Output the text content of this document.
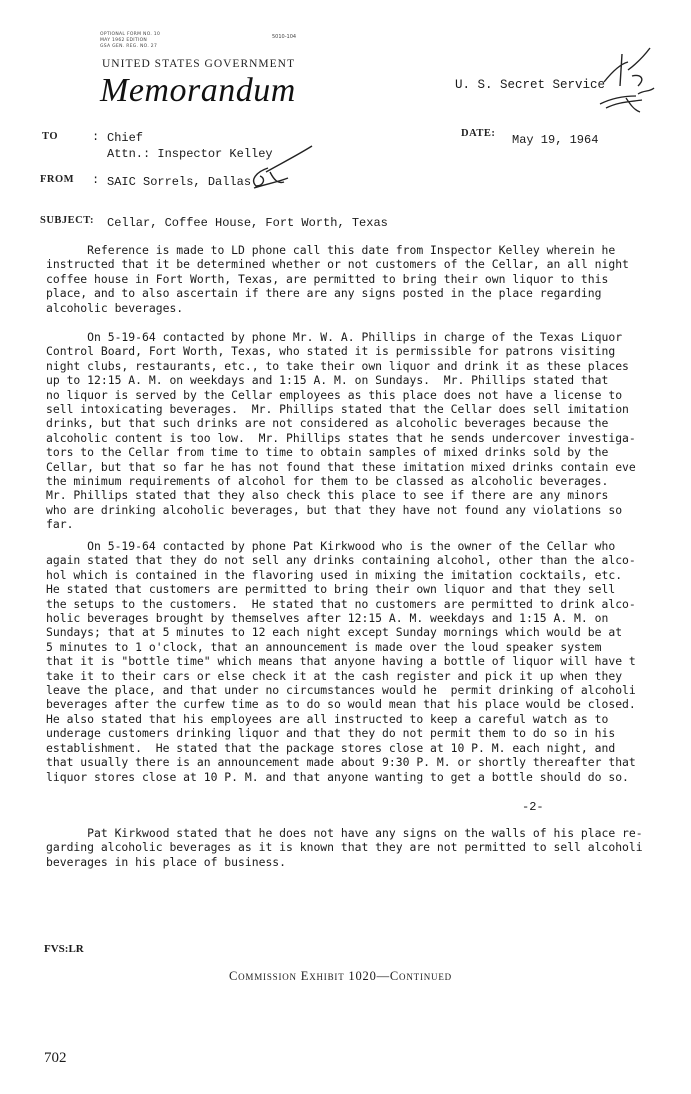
OPTIONAL FORM NO. 10
MAY 1962 EDITION
GSA GEN. REG. NO. 27
5010-104
UNITED STATES GOVERNMENT
Memorandum	U. S. Secret Service
TO	: Chief
Attn.: Inspector Kelley
DATE: May 19, 1964
FROM : SAIC Sorrels, Dallas
SUBJECT: Cellar, Coffee House, Fort Worth, Texas
Reference is made to LD phone call this date from Inspector Kelley wherein he
instructed that it be determined whether or not customers of the Cellar, an all night
coffee house in Fort Worth, Texas, are permitted to bring their own liquor to this
place, and to also ascertain if there are any signs posted in the place regarding
alcoholic beverages.
On 5-19-64 contacted by phone Mr. W. A. Phillips in charge of the Texas Liquor
Control Board, Fort Worth, Texas, who stated it is permissible for patrons visiting
night clubs, restaurants, etc., to take their own liquor and drink it as these places
up to 12:15 A. M. on weekdays and 1:15 A. M. on Sundays.  Mr. Phillips stated that
no liquor is served by the Cellar employees as this place does not have a license to
sell intoxicating beverages.  Mr. Phillips stated that the Cellar does sell imitation
drinks, but that such drinks are not considered as alcoholic beverages because the
alcoholic content is too low.  Mr. Phillips states that he sends undercover investiga-
tors to the Cellar from time to time to obtain samples of mixed drinks sold by the
Cellar, but that so far he has not found that these imitation mixed drinks contain eve
the minimum requirements of alcohol for them to be classed as alcoholic beverages.
Mr. Phillips stated that they also check this place to see if there are any minors
who are drinking alcoholic beverages, but that they have not found any violations so
far.
On 5-19-64 contacted by phone Pat Kirkwood who is the owner of the Cellar who
again stated that they do not sell any drinks containing alcohol, other than the alco-
hol which is contained in the flavoring used in mixing the imitation cocktails, etc.
He stated that customers are permitted to bring their own liquor and that they sell
the setups to the customers.  He stated that no customers are permitted to drink alco-
holic beverages brought by themselves after 12:15 A. M. weekdays and 1:15 A. M. on
Sundays; that at 5 minutes to 12 each night except Sunday mornings which would be at
5 minutes to 1 o'clock, that an announcement is made over the loud speaker system
that it is "bottle time" which means that anyone having a bottle of liquor will have t
take it to their cars or else check it at the cash register and pick it up when they
leave the place, and that under no circumstances would he  permit drinking of alcoholi
beverages after the curfew time as to do so would mean that his place would be closed.
He also stated that his employees are all instructed to keep a careful watch as to
underage customers drinking liquor and that they do not permit them to do so in his
establishment.  He stated that the package stores close at 10 P. M. each night, and
that usually there is an announcement made about 9:30 P. M. or shortly thereafter that
liquor stores close at 10 P. M. and that anyone wanting to get a bottle should do so.
-2-
Pat Kirkwood stated that he does not have any signs on the walls of his place re-
garding alcoholic beverages as it is known that they are not permitted to sell alcoholi
beverages in his place of business.
FVS:LR
Commission Exhibit 1020—Continued
702
